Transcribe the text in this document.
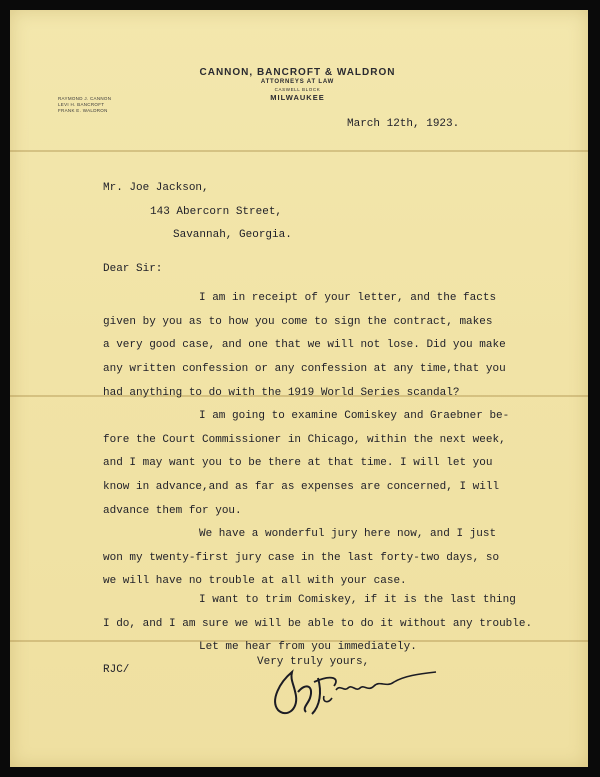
CANNON, BANCROFT & WALDRON
ATTORNEYS AT LAW
CASWELL BLOCK
MILWAUKEE
RAYMOND J. CANNON
LEVI H. BANCROFT
FRANK E. WALDRON
March 12th, 1923.
Mr. Joe Jackson,
143 Abercorn Street,
Savannah, Georgia.
Dear Sir:
I am in receipt of your letter, and the facts
given by you as to how you come to sign the contract, makes
a very good case, and one that we will not lose. Did you make
any written confession or any confession at any time,that you
had anything to do with the 1919 World Series scandal?
I am going to examine Comiskey and Graebner be-
fore the Court Commissioner in Chicago, within the next week,
and I may want you to be there at that time. I will let you
know in advance,and as far as expenses are concerned, I will
advance them for you.
We have a wonderful jury here now, and I just
won my twenty-first jury case in the last forty-two days, so
we will have no trouble at all with your case.
I want to trim Comiskey, if it is the last thing
I do, and I am sure we will be able to do it without any trouble.
Let me hear from you immediately.
Very truly yours,
RJC/
